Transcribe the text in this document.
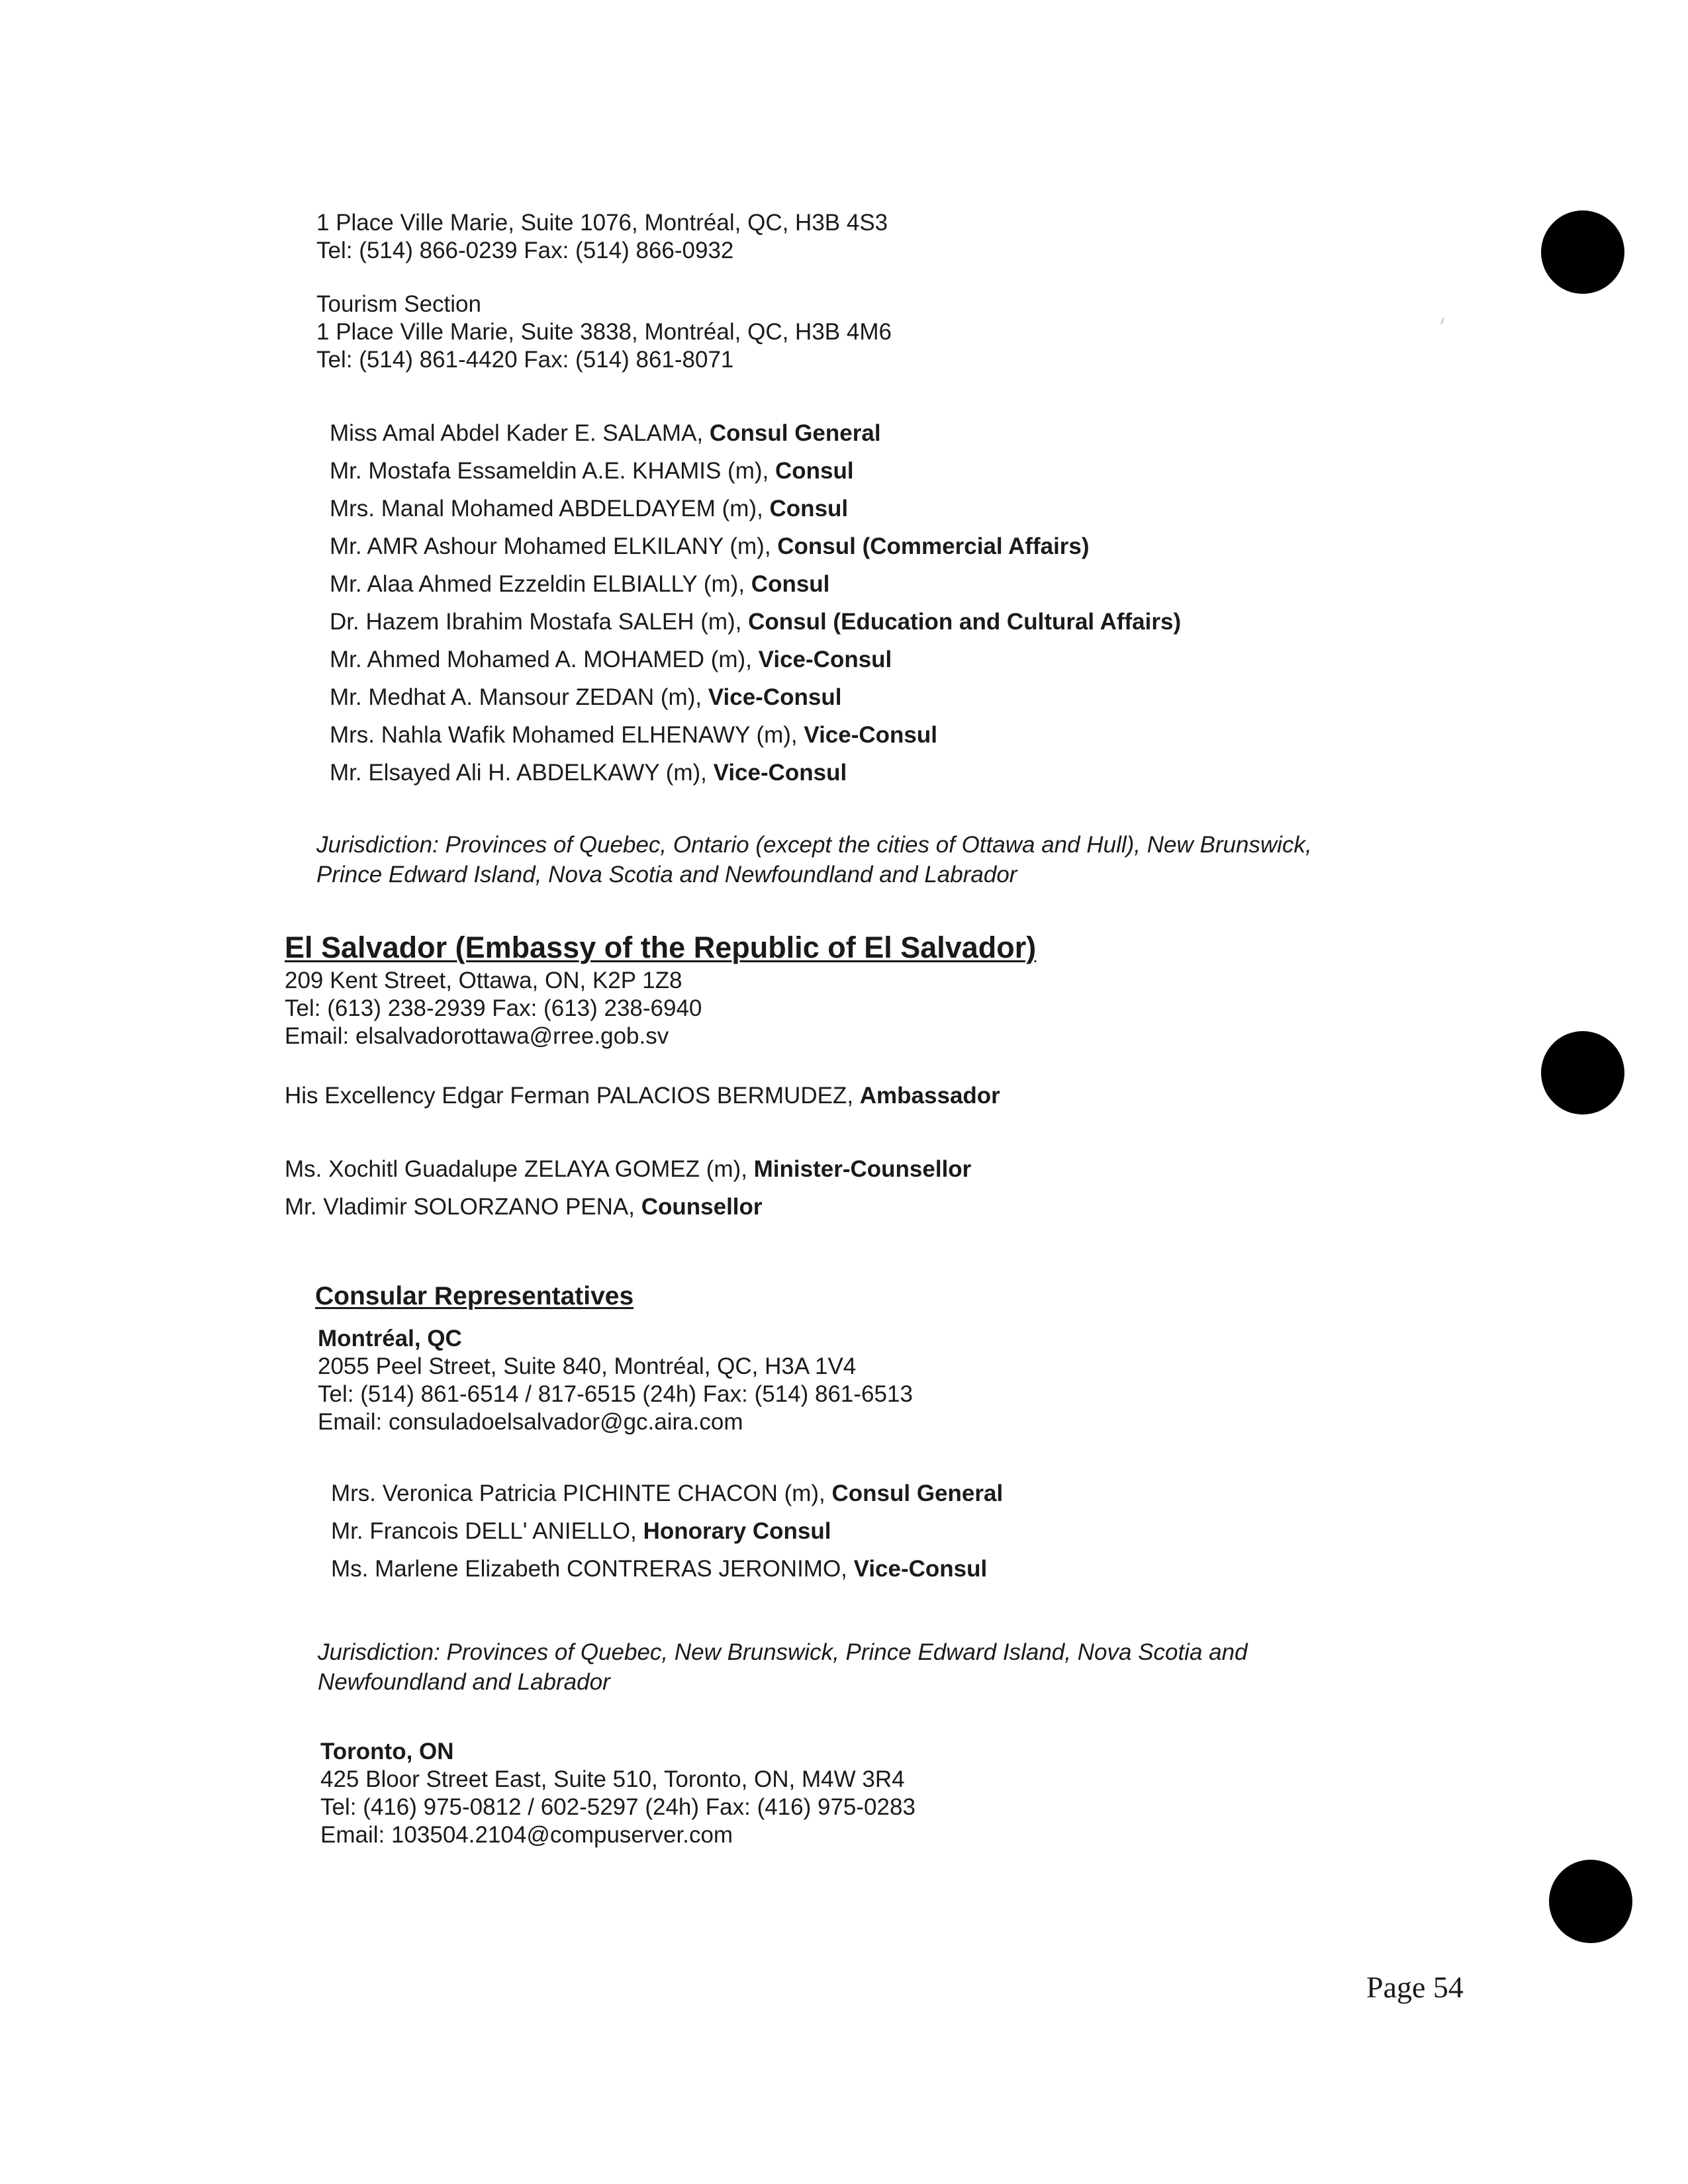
1 Place Ville Marie, Suite 1076, Montréal, QC, H3B 4S3
Tel: (514) 866-0239 Fax: (514) 866-0932
Tourism Section
1 Place Ville Marie, Suite 3838, Montréal, QC, H3B 4M6
Tel: (514) 861-4420 Fax: (514) 861-8071
Miss Amal Abdel Kader E. SALAMA, Consul General
Mr. Mostafa Essameldin A.E. KHAMIS (m), Consul
Mrs. Manal Mohamed ABDELDAYEM (m), Consul
Mr. AMR Ashour Mohamed ELKILANY (m), Consul (Commercial Affairs)
Mr. Alaa Ahmed Ezzeldin ELBIALLY (m), Consul
Dr. Hazem Ibrahim Mostafa SALEH (m), Consul (Education and Cultural Affairs)
Mr. Ahmed Mohamed A. MOHAMED (m), Vice-Consul
Mr. Medhat A. Mansour ZEDAN (m), Vice-Consul
Mrs. Nahla Wafik Mohamed ELHENAWY (m), Vice-Consul
Mr. Elsayed Ali H. ABDELKAWY (m), Vice-Consul
Jurisdiction: Provinces of Quebec, Ontario (except the cities of Ottawa and Hull), New Brunswick,
Prince Edward Island, Nova Scotia and Newfoundland and Labrador
El Salvador (Embassy of the Republic of El Salvador)
209 Kent Street, Ottawa, ON, K2P 1Z8
Tel: (613) 238-2939 Fax: (613) 238-6940
Email: elsalvadorottawa@rree.gob.sv
His Excellency Edgar Ferman PALACIOS BERMUDEZ, Ambassador
Ms. Xochitl Guadalupe ZELAYA GOMEZ (m), Minister-Counsellor
Mr. Vladimir SOLORZANO PENA, Counsellor
Consular Representatives
Montréal, QC
2055 Peel Street, Suite 840, Montréal, QC, H3A 1V4
Tel: (514) 861-6514 / 817-6515 (24h) Fax: (514) 861-6513
Email: consuladoelsalvador@gc.aira.com
Mrs. Veronica Patricia PICHINTE CHACON (m), Consul General
Mr. Francois DELL' ANIELLO, Honorary Consul
Ms. Marlene Elizabeth CONTRERAS JERONIMO, Vice-Consul
Jurisdiction: Provinces of Quebec, New Brunswick, Prince Edward Island, Nova Scotia and
Newfoundland and Labrador
Toronto, ON
425 Bloor Street East, Suite 510, Toronto, ON, M4W 3R4
Tel: (416) 975-0812 / 602-5297 (24h) Fax: (416) 975-0283
Email: 103504.2104@compuserver.com
Page 54
